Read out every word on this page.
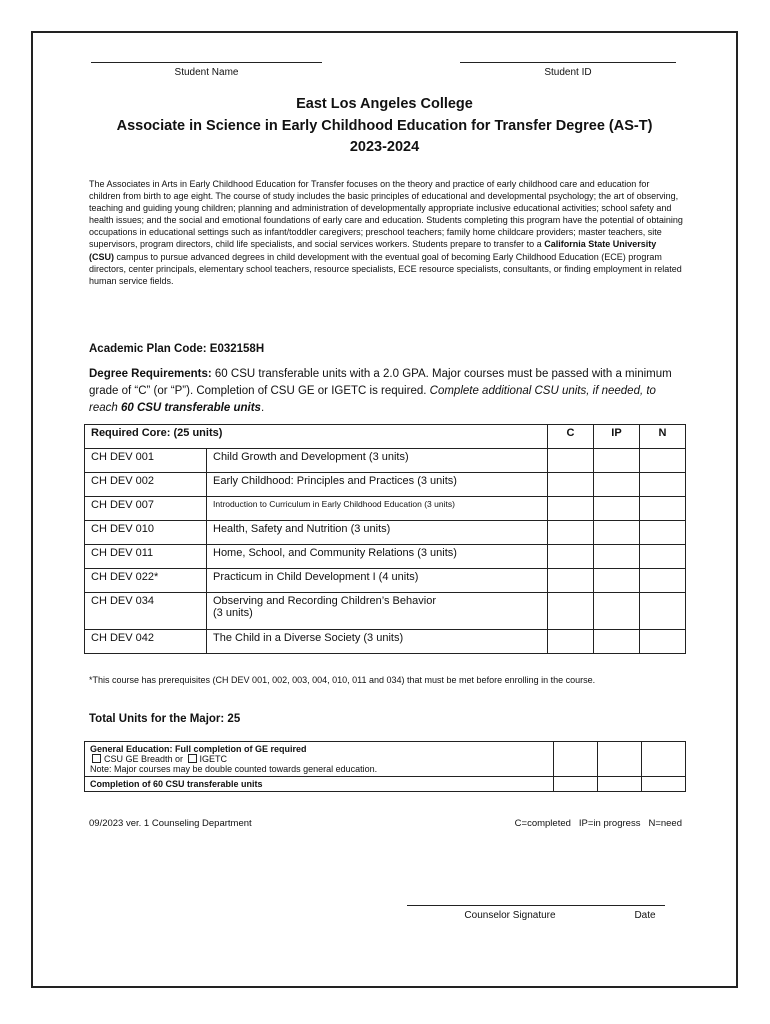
Student Name	Student ID
East Los Angeles College
Associate in Science in Early Childhood Education for Transfer Degree (AS-T)
2023-2024
The Associates in Arts in Early Childhood Education for Transfer focuses on the theory and practice of early childhood care and education for children from birth to age eight. The course of study includes the basic principles of educational and developmental psychology; the art of observing, teaching and guiding young children; planning and administration of developmentally appropriate inclusive educational activities; school safety and health issues; and the social and emotional foundations of early care and education. Students completing this program have the potential of obtaining occupations in educational settings such as infant/toddler caregivers; preschool teachers; family home childcare providers; master teachers, site supervisors, program directors, child life specialists, and social services workers. Students prepare to transfer to a California State University (CSU) campus to pursue advanced degrees in child development with the eventual goal of becoming Early Childhood Education (ECE) program directors, center principals, elementary school teachers, resource specialists, ECE resource specialists, consultants, or finding employment in related human service fields.
Academic Plan Code: E032158H
Degree Requirements: 60 CSU transferable units with a 2.0 GPA. Major courses must be passed with a minimum grade of “C” (or “P”). Completion of CSU GE or IGETC is required. Complete additional CSU units, if needed, to reach 60 CSU transferable units.
Required Core: (25 units)		C	IP	N
CH DEV 001	Child Growth and Development (3 units)			
CH DEV 002	Early Childhood: Principles and Practices (3 units)			
CH DEV 007	Introduction to Curriculum in Early Childhood Education (3 units)			
CH DEV 010	Health, Safety and Nutrition (3 units)			
CH DEV 011	Home, School, and Community Relations (3 units)			
CH DEV 022*	Practicum in Child Development I (4 units)			
CH DEV 034	Observing and Recording Children’s Behavior
(3 units)			

CH DEV 042	The Child in a Diverse Society (3 units)			
*This course has prerequisites (CH DEV 001, 002, 003, 004, 010, 011 and 034) that must be met before enrolling in the course.
Total Units for the Major: 25
General Education: Full completion of GE required
CSU GE Breadth or IGETC
Note: Major courses may be double counted towards general education.			

Completion of 60 CSU transferable units			
09/2023 ver. 1 Counseling Department	C=completed IP=in progress N=need
Counselor Signature	Date
